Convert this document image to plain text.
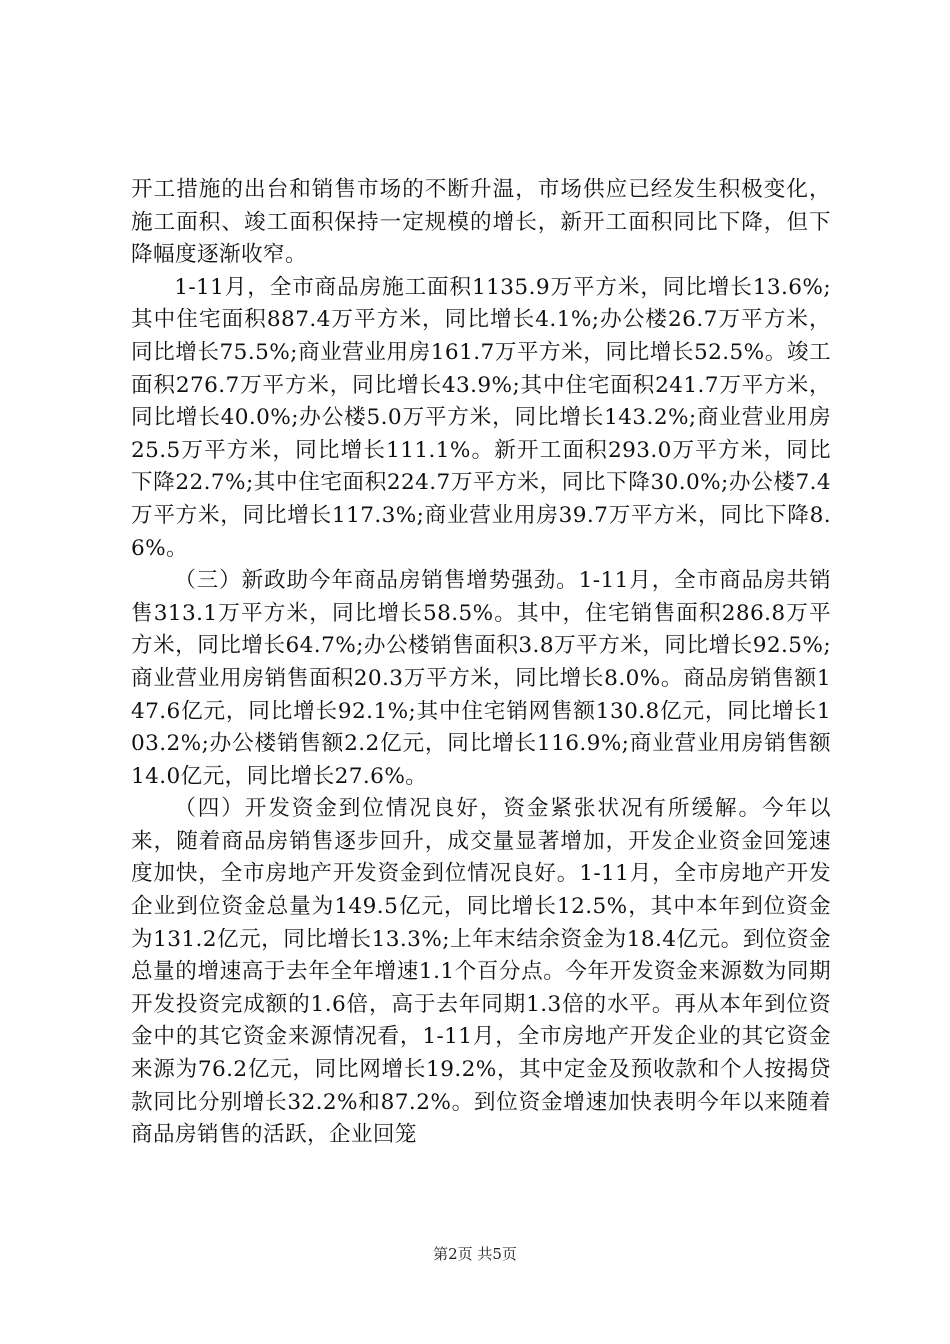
开工措施的出台和销售市场的不断升温，市场供应已经发生积极变化，施工面积、竣工面积保持一定规模的增长，新开工面积同比下降，但下降幅度逐渐收窄。

1-11月，全市商品房施工面积1135.9万平方米，同比增长13.6%;其中住宅面积887.4万平方米，同比增长4.1%;办公楼26.7万平方米，同比增长75.5%;商业营业用房161.7万平方米，同比增长52.5%。竣工面积276.7万平方米，同比增长43.9%;其中住宅面积241.7万平方米，同比增长40.0%;办公楼5.0万平方米，同比增长143.2%;商业营业用房25.5万平方米，同比增长111.1%。新开工面积293.0万平方米，同比下降22.7%;其中住宅面积224.7万平方米，同比下降30.0%;办公楼7.4万平方米，同比增长117.3%;商业营业用房39.7万平方米，同比下降8.6%。

（三）新政助今年商品房销售增势强劲。1-11月，全市商品房共销售313.1万平方米，同比增长58.5%。其中，住宅销售面积286.8万平方米，同比增长64.7%;办公楼销售面积3.8万平方米，同比增长92.5%;商业营业用房销售面积20.3万平方米，同比增长8.0%。商品房销售额147.6亿元，同比增长92.1%;其中住宅销网售额130.8亿元，同比增长103.2%;办公楼销售额2.2亿元，同比增长116.9%;商业营业用房销售额14.0亿元，同比增长27.6%。

（四）开发资金到位情况良好，资金紧张状况有所缓解。今年以来，随着商品房销售逐步回升，成交量显著增加，开发企业资金回笼速度加快，全市房地产开发资金到位情况良好。1-11月，全市房地产开发企业到位资金总量为149.5亿元，同比增长12.5%，其中本年到位资金为131.2亿元，同比增长13.3%;上年末结余资金为18.4亿元。到位资金总量的增速高于去年全年增速1.1个百分点。今年开发资金来源数为同期开发投资完成额的1.6倍，高于去年同期1.3倍的水平。再从本年到位资金中的其它资金来源情况看，1-11月，全市房地产开发企业的其它资金来源为76.2亿元，同比网增长19.2%，其中定金及预收款和个人按揭贷款同比分别增长32.2%和87.2%。到位资金增速加快表明今年以来随着商品房销售的活跃，企业回笼

第2页 共5页
